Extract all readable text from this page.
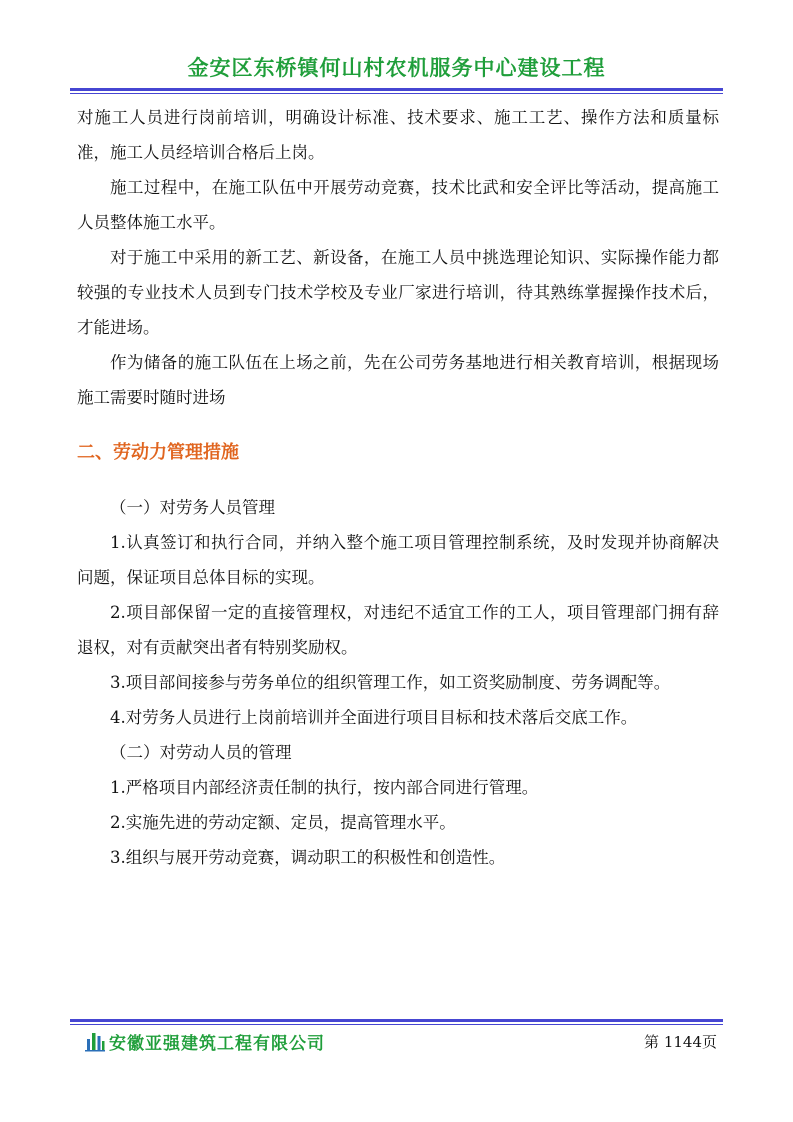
金安区东桥镇何山村农机服务中心建设工程

对施工人员进行岗前培训，明确设计标准、技术要求、施工工艺、操作方法和质量标准，施工人员经培训合格后上岗。

施工过程中，在施工队伍中开展劳动竞赛，技术比武和安全评比等活动，提高施工人员整体施工水平。

对于施工中采用的新工艺、新设备，在施工人员中挑选理论知识、实际操作能力都较强的专业技术人员到专门技术学校及专业厂家进行培训，待其熟练掌握操作技术后，才能进场。

作为储备的施工队伍在上场之前，先在公司劳务基地进行相关教育培训，根据现场施工需要时随时进场

二、劳动力管理措施

（一）对劳务人员管理

1.认真签订和执行合同，并纳入整个施工项目管理控制系统，及时发现并协商解决问题，保证项目总体目标的实现。

2.项目部保留一定的直接管理权，对违纪不适宜工作的工人，项目管理部门拥有辞退权，对有贡献突出者有特别奖励权。

3.项目部间接参与劳务单位的组织管理工作，如工资奖励制度、劳务调配等。

4.对劳务人员进行上岗前培训并全面进行项目目标和技术落后交底工作。

（二）对劳动人员的管理

1.严格项目内部经济责任制的执行，按内部合同进行管理。

2.实施先进的劳动定额、定员，提高管理水平。

3.组织与展开劳动竞赛，调动职工的积极性和创造性。

安徽亚强建筑工程有限公司	第 1144页
